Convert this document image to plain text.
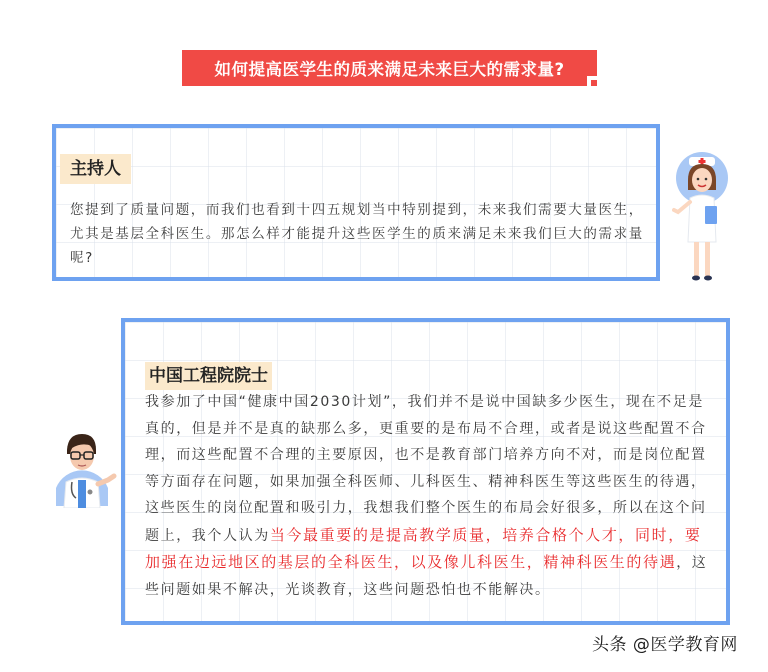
如何提高医学生的质来满足未来巨大的需求量?
主持人
您提到了质量问题，而我们也看到十四五规划当中特别提到，未来我们需要大量医生，尤其是基层全科医生。那怎么样才能提升这些医学生的质来满足未来我们巨大的需求量呢?
中国工程院院士
我参加了中国“健康中国2030计划”，我们并不是说中国缺多少医生，现在不足是真的，但是并不是真的缺那么多，更重要的是布局不合理，或者是说这些配置不合理，而这些配置不合理的主要原因，也不是教育部门培养方向不对，而是岗位配置等方面存在问题，如果加强全科医师、儿科医生、精神科医生等这些医生的待遇，这些医生的岗位配置和吸引力，我想我们整个医生的布局会好很多，所以在这个问题上，我个人认为当今最重要的是提高教学质量，培养合格个人才，同时，要加强在边远地区的基层的全科医生，以及像儿科医生，精神科医生的待遇，这些问题如果不解决，光谈教育，这些问题恐怕也不能解决。
头条 @医学教育网
